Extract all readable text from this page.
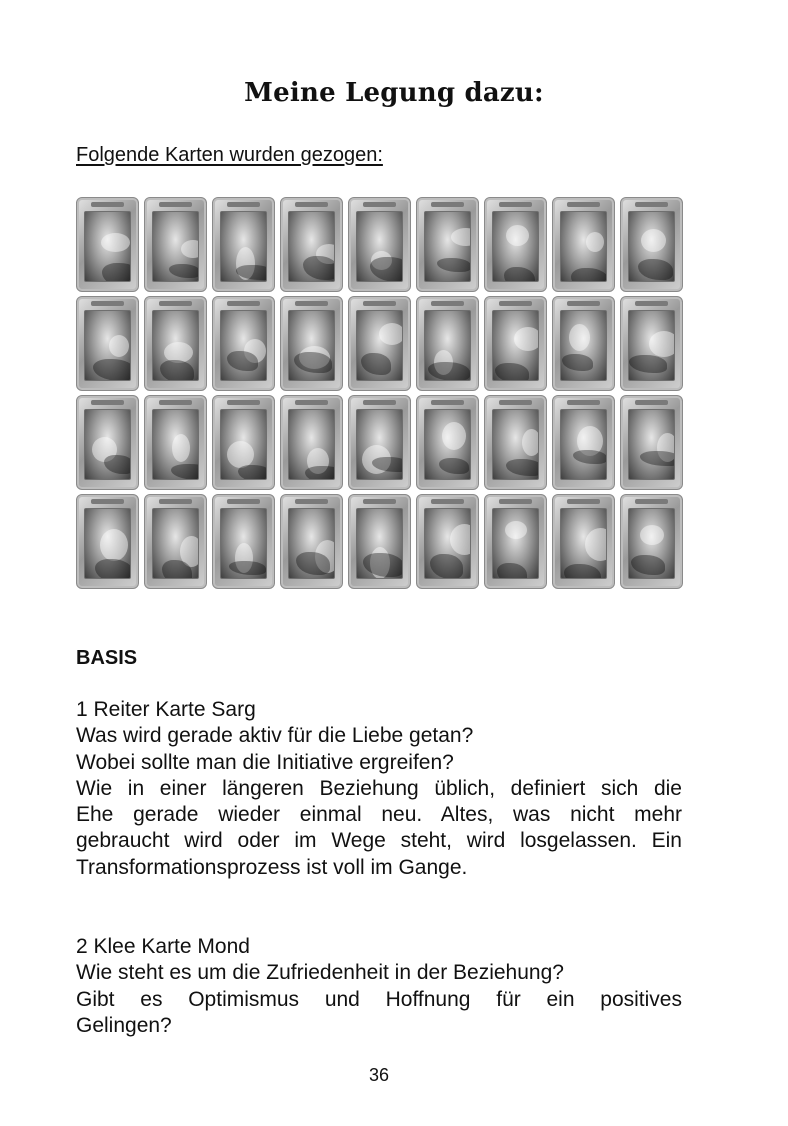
Meine Legung dazu:
Folgende Karten wurden gezogen:
BASIS
1 Reiter Karte Sarg
Was wird gerade aktiv für die Liebe getan?
Wobei sollte man die Initiative ergreifen?
Wie in einer längeren Beziehung üblich, definiert sich die
Ehe gerade wieder einmal neu. Altes, was nicht mehr
gebraucht wird oder im Wege steht, wird losgelassen. Ein
Transformationsprozess ist voll im Gange.
2 Klee Karte Mond
Wie steht es um die Zufriedenheit in der Beziehung?
Gibt es Optimismus und Hoffnung für ein positives
Gelingen?
36
